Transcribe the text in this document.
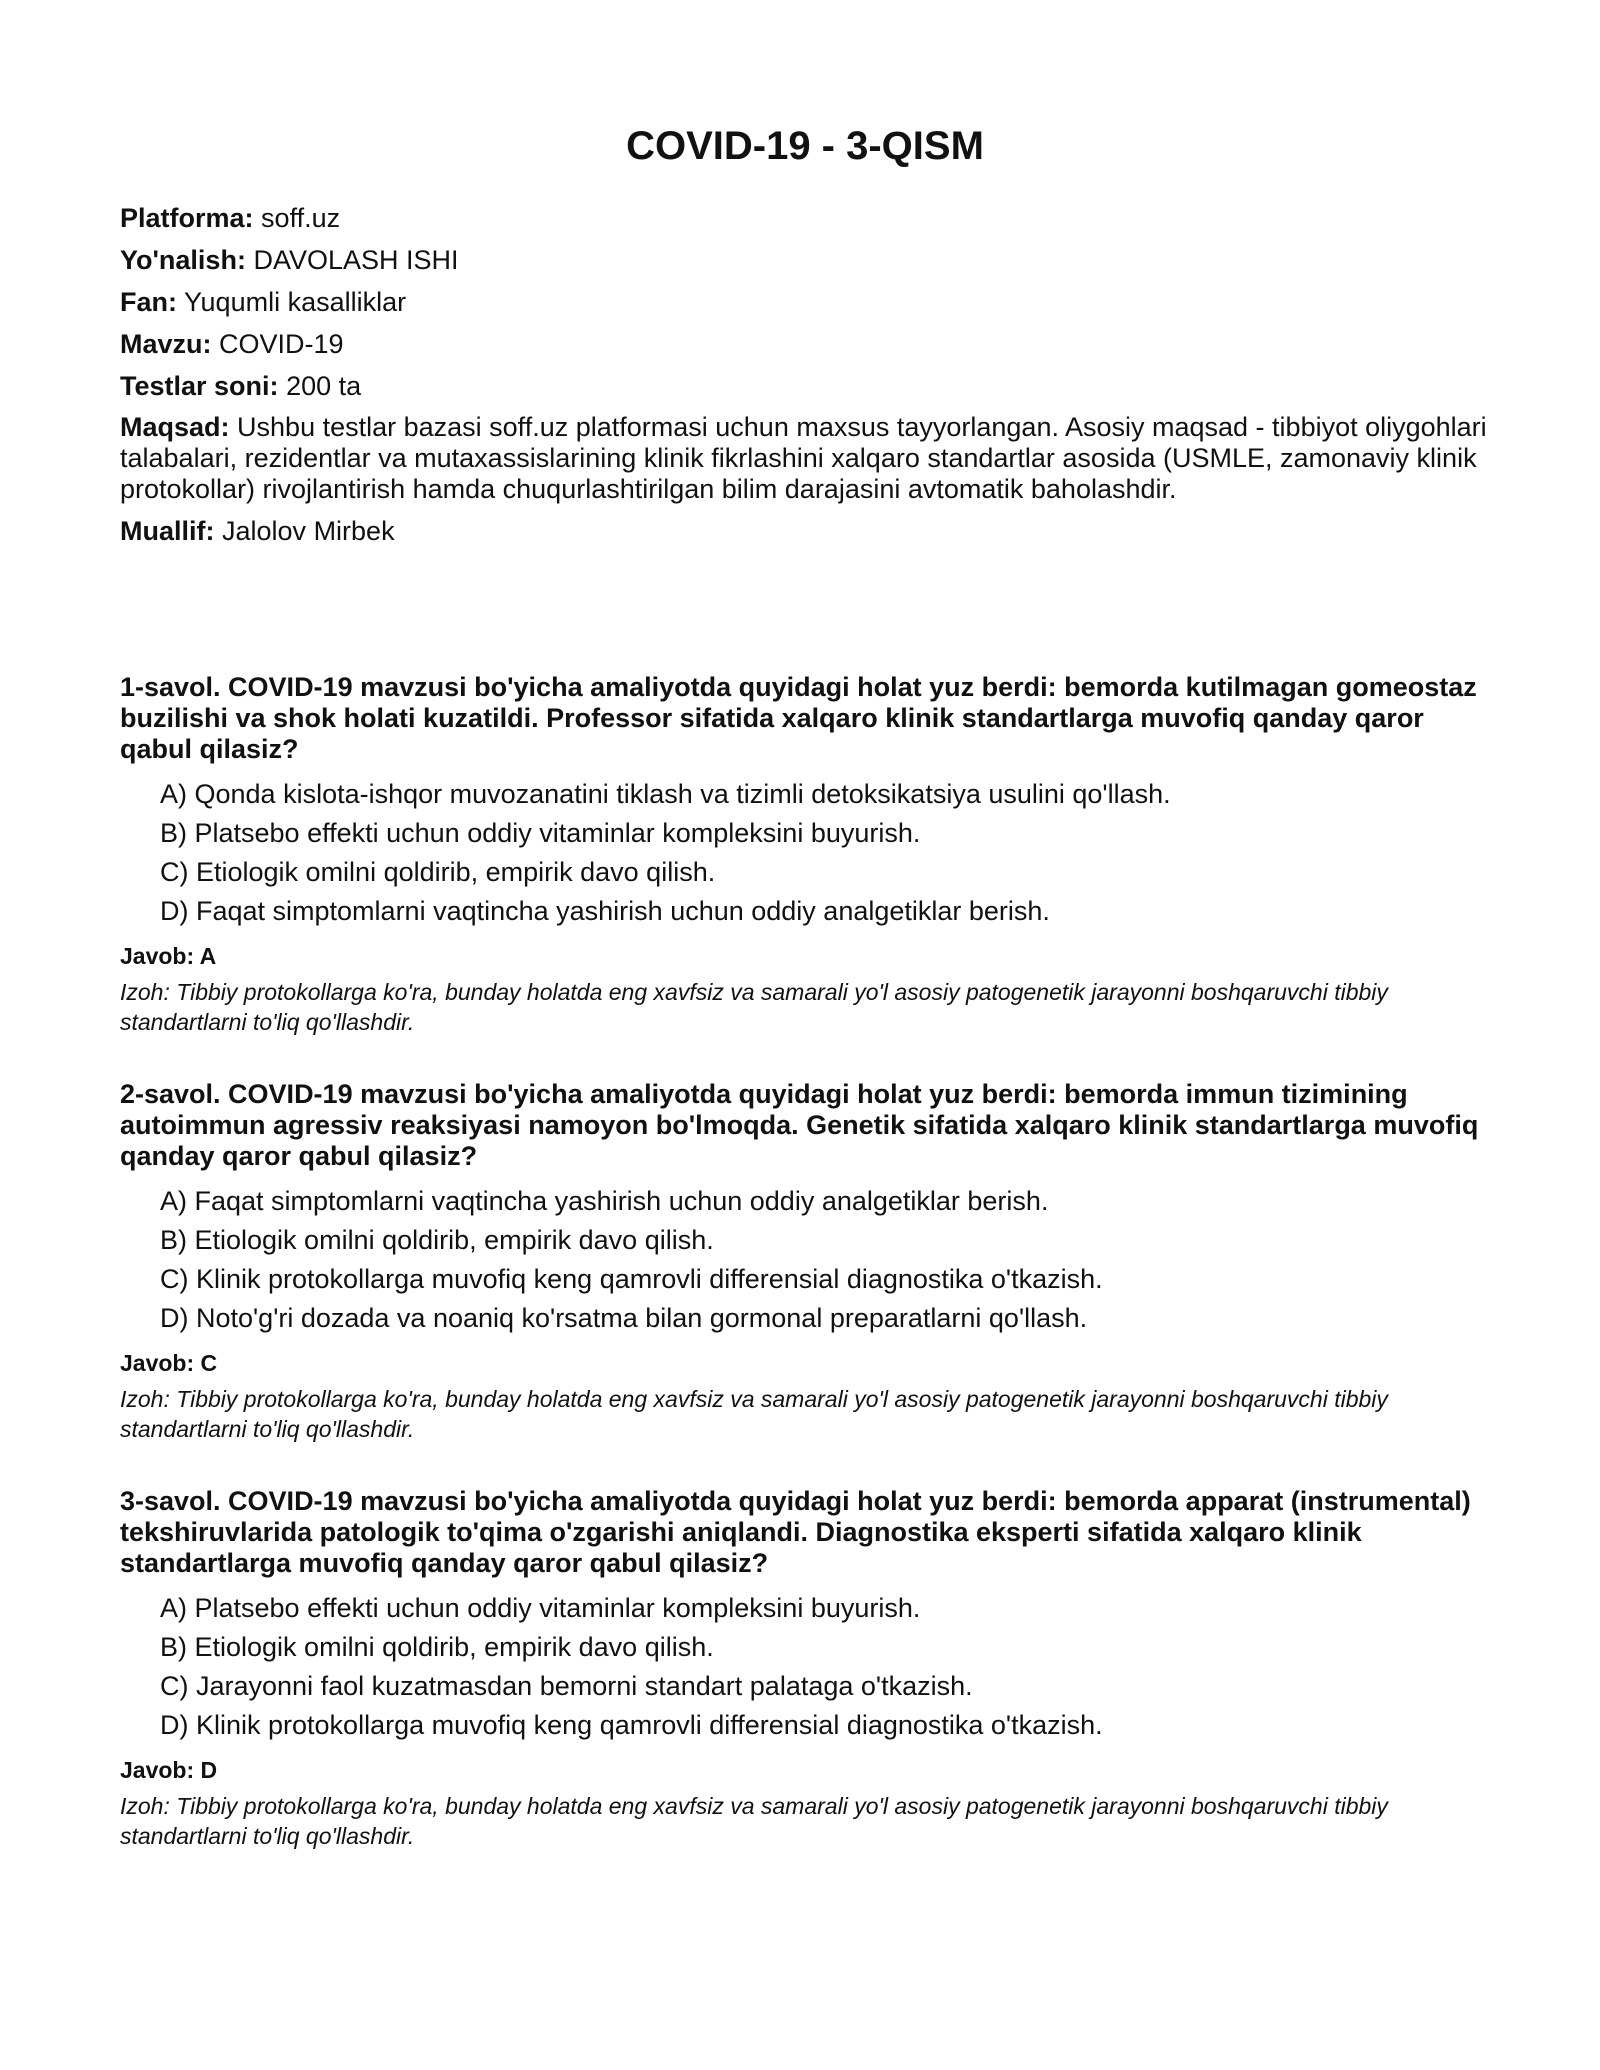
COVID-19 - 3-QISM
Platforma: soff.uz
Yo'nalish: DAVOLASH ISHI
Fan: Yuqumli kasalliklar
Mavzu: COVID-19
Testlar soni: 200 ta
Maqsad: Ushbu testlar bazasi soff.uz platformasi uchun maxsus tayyorlangan. Asosiy maqsad - tibbiyot oliygohlari talabalari, rezidentlar va mutaxassislarining klinik fikrlashini xalqaro standartlar asosida (USMLE, zamonaviy klinik protokollar) rivojlantirish hamda chuqurlashtirilgan bilim darajasini avtomatik baholashdir.
Muallif: Jalolov Mirbek

1-savol. COVID-19 mavzusi bo'yicha amaliyotda quyidagi holat yuz berdi: bemorda kutilmagan gomeostaz buzilishi va shok holati kuzatildi. Professor sifatida xalqaro klinik standartlarga muvofiq qanday qaror qabul qilasiz?

A) Qonda kislota-ishqor muvozanatini tiklash va tizimli detoksikatsiya usulini qo'llash.
B) Platsebo effekti uchun oddiy vitaminlar kompleksini buyurish.
C) Etiologik omilni qoldirib, empirik davo qilish.
D) Faqat simptomlarni vaqtincha yashirish uchun oddiy analgetiklar berish.
Javob: A
Izoh: Tibbiy protokollarga ko'ra, bunday holatda eng xavfsiz va samarali yo'l asosiy patogenetik jarayonni boshqaruvchi tibbiy standartlarni to'liq qo'llashdir.

2-savol. COVID-19 mavzusi bo'yicha amaliyotda quyidagi holat yuz berdi: bemorda immun tizimining autoimmun agressiv reaksiyasi namoyon bo'lmoqda. Genetik sifatida xalqaro klinik standartlarga muvofiq qanday qaror qabul qilasiz?

A) Faqat simptomlarni vaqtincha yashirish uchun oddiy analgetiklar berish.
B) Etiologik omilni qoldirib, empirik davo qilish.
C) Klinik protokollarga muvofiq keng qamrovli differensial diagnostika o'tkazish.
D) Noto'g'ri dozada va noaniq ko'rsatma bilan gormonal preparatlarni qo'llash.
Javob: C
Izoh: Tibbiy protokollarga ko'ra, bunday holatda eng xavfsiz va samarali yo'l asosiy patogenetik jarayonni boshqaruvchi tibbiy standartlarni to'liq qo'llashdir.

3-savol. COVID-19 mavzusi bo'yicha amaliyotda quyidagi holat yuz berdi: bemorda apparat (instrumental) tekshiruvlarida patologik to'qima o'zgarishi aniqlandi. Diagnostika eksperti sifatida xalqaro klinik standartlarga muvofiq qanday qaror qabul qilasiz?

A) Platsebo effekti uchun oddiy vitaminlar kompleksini buyurish.
B) Etiologik omilni qoldirib, empirik davo qilish.
C) Jarayonni faol kuzatmasdan bemorni standart palataga o'tkazish.
D) Klinik protokollarga muvofiq keng qamrovli differensial diagnostika o'tkazish.
Javob: D
Izoh: Tibbiy protokollarga ko'ra, bunday holatda eng xavfsiz va samarali yo'l asosiy patogenetik jarayonni boshqaruvchi tibbiy standartlarni to'liq qo'llashdir.
